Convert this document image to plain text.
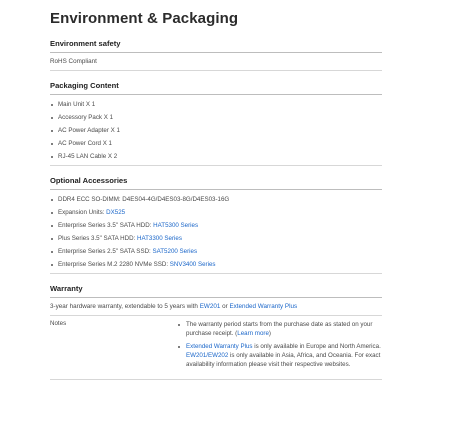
Environment & Packaging
Environment safety
RoHS Compliant
Packaging Content
Main Unit X 1
Accessory Pack X 1
AC Power Adapter X 1
AC Power Cord X 1
RJ-45 LAN Cable X 2
Optional Accessories
DDR4 ECC SO-DIMM: D4ES04-4G/D4ES03-8G/D4ES03-16G
Expansion Units: DX525
Enterprise Series 3.5" SATA HDD: HAT5300 Series
Plus Series 3.5" SATA HDD: HAT3300 Series
Enterprise Series 2.5" SATA SSD: SAT5200 Series
Enterprise Series M.2 2280 NVMe SSD: SNV3400 Series
Warranty
3-year hardware warranty, extendable to 5 years with EW201 or Extended Warranty Plus
Notes	The warranty period starts from the purchase date as stated on your purchase receipt. (Learn more)
Extended Warranty Plus is only available in Europe and North America. EW201/EW202 is only available in Asia, Africa, and Oceania. For exact availability information please visit their respective websites.
